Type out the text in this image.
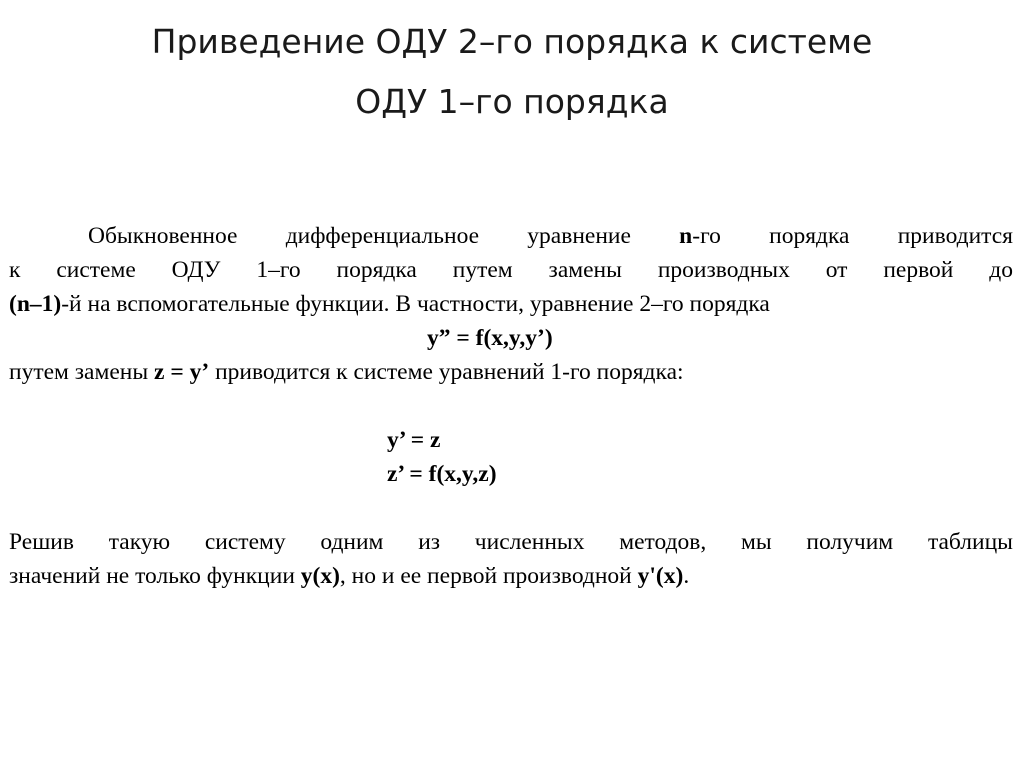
Приведение ОДУ 2–го порядка к системе
ОДУ 1–го порядка
Обыкновенное дифференциальное уравнение n-го порядка приводится
к системе ОДУ 1–го порядка путем замены производных от первой до
(n–1)-й на вспомогательные функции. В частности, уравнение 2–го порядка
y” = f(x,y,y’)
путем замены z = y’ приводится к системе уравнений 1-го порядка:
y’ = z
z’ = f(x,y,z)
Решив такую систему одним из численных методов, мы получим таблицы
значений не только функции y(x), но и ее первой производной y'(x).
